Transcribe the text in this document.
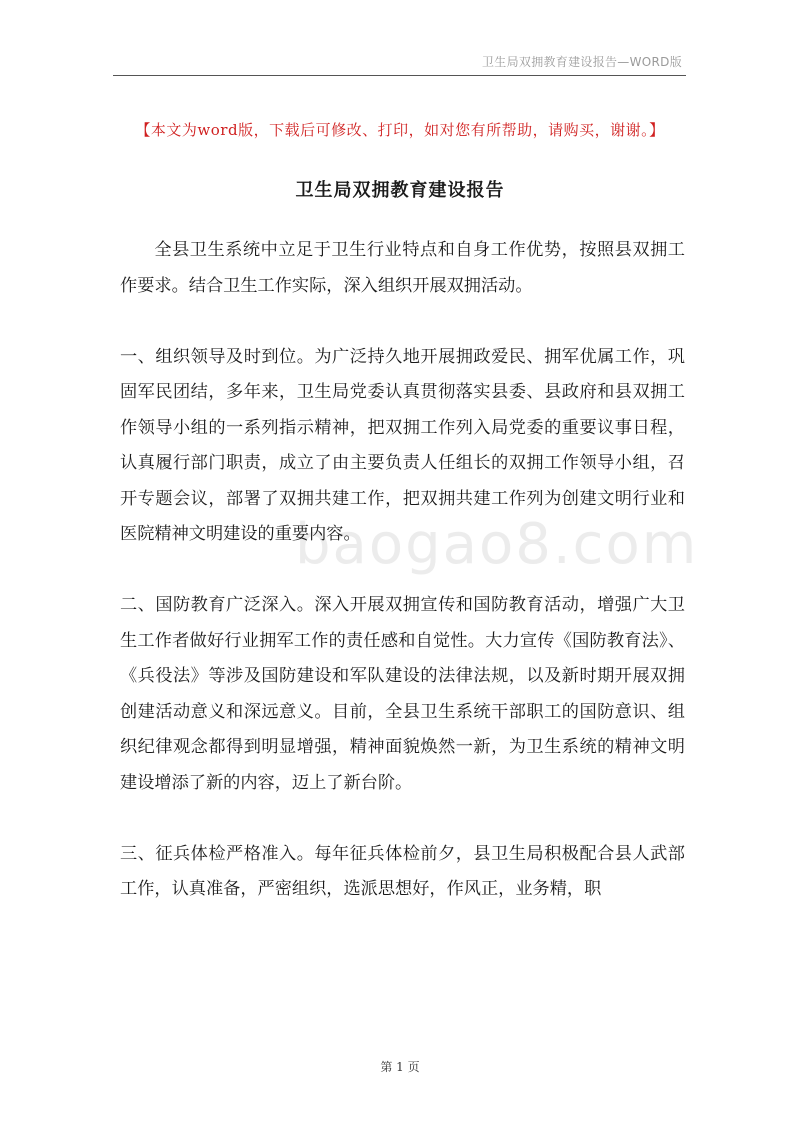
卫生局双拥教育建设报告—WORD版
【本文为word版，下载后可修改、打印，如对您有所帮助，请购买，谢谢。】
卫生局双拥教育建设报告
baogao8.com

全县卫生系统中立足于卫生行业特点和自身工作优势，按照县双拥工作要求。结合卫生工作实际，深入组织开展双拥活动。

一、组织领导及时到位。为广泛持久地开展拥政爱民、拥军优属工作，巩固军民团结，多年来，卫生局党委认真贯彻落实县委、县政府和县双拥工作领导小组的一系列指示精神，把双拥工作列入局党委的重要议事日程，认真履行部门职责，成立了由主要负责人任组长的双拥工作领导小组，召开专题会议，部署了双拥共建工作，把双拥共建工作列为创建文明行业和医院精神文明建设的重要内容。

二、国防教育广泛深入。深入开展双拥宣传和国防教育活动，增强广大卫生工作者做好行业拥军工作的责任感和自觉性。大力宣传《国防教育法》、《兵役法》等涉及国防建设和军队建设的法律法规，以及新时期开展双拥创建活动意义和深远意义。目前，全县卫生系统干部职工的国防意识、组织纪律观念都得到明显增强，精神面貌焕然一新，为卫生系统的精神文明建设增添了新的内容，迈上了新台阶。

三、征兵体检严格准入。每年征兵体检前夕，县卫生局积极配合县人武部工作，认真准备，严密组织，选派思想好，作风正，业务精，职

第 1 页
